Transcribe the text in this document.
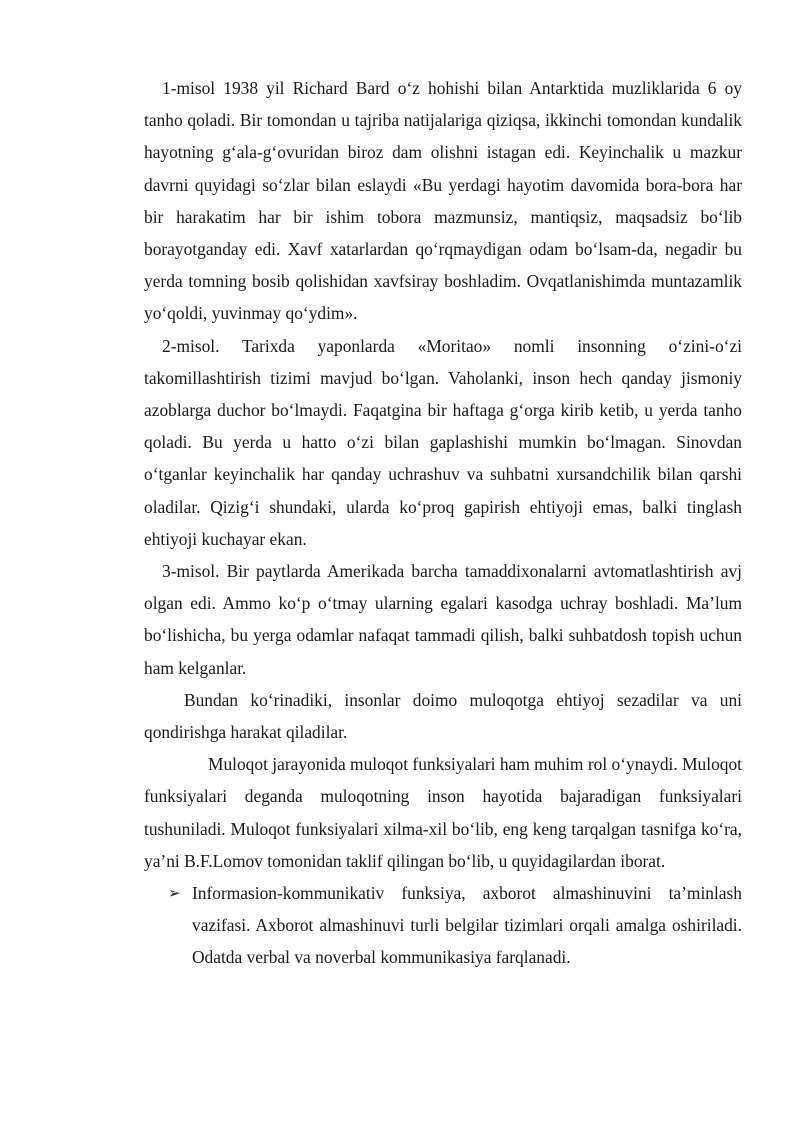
1-misol 1938 yil Richard Bard o‘z hohishi bilan Antarktida muzliklarida 6 oy tanho qoladi. Bir tomondan u tajriba natijalariga qiziqsa, ikkinchi tomondan kundalik hayotning g‘ala-g‘ovuridan biroz dam olishni istagan edi. Keyinchalik u mazkur davrni quyidagi so‘zlar bilan eslaydi «Bu yerdagi hayotim davomida bora-bora har bir harakatim har bir ishim tobora mazmunsiz, mantiqsiz, maqsadsiz bo‘lib borayotganday edi. Xavf xatarlardan qo‘rqmaydigan odam bo‘lsam-da, negadir bu yerda tomning bosib qolishidan xavfsiray boshladim. Ovqatlanishimda muntazamlik yo‘qoldi, yuvinmay qo‘ydim».

2-misol. Tarixda yaponlarda «Moritao» nomli insonning o‘zini-o‘zi takomillashtirish tizimi mavjud bo‘lgan. Vaholanki, inson hech qanday jismoniy azoblarga duchor bo‘lmaydi. Faqatgina bir haftaga g‘orga kirib ketib, u yerda tanho qoladi. Bu yerda u hatto o‘zi bilan gaplashishi mumkin bo‘lmagan. Sinovdan o‘tganlar keyinchalik har qanday uchrashuv va suhbatni xursandchilik bilan qarshi oladilar. Qizig‘i shundaki, ularda ko‘proq gapirish ehtiyoji emas, balki tinglash ehtiyoji kuchayar ekan.

3-misol. Bir paytlarda Amerikada barcha tamaddixonalarni avtomatlashtirish avj olgan edi. Ammo ko‘p o‘tmay ularning egalari kasodga uchray boshladi. Ma’lum bo‘lishicha, bu yerga odamlar nafaqat tammadi qilish, balki suhbatdosh topish uchun ham kelganlar.

Bundan ko‘rinadiki, insonlar doimo muloqotga ehtiyoj sezadilar va uni qondirishga harakat qiladilar.

Muloqot jarayonida muloqot funksiyalari ham muhim rol o‘ynaydi. Muloqot funksiyalari deganda muloqotning inson hayotida bajaradigan funksiyalari tushuniladi. Muloqot funksiyalari xilma-xil bo‘lib, eng keng tarqalgan tasnifga ko‘ra, ya’ni B.F.Lomov tomonidan taklif qilingan bo‘lib, u quyidagilardan iborat.

➢ Informasion-kommunikativ funksiya, axborot almashinuvini ta’minlash vazifasi. Axborot almashinuvi turli belgilar tizimlari orqali amalga oshiriladi. Odatda verbal va noverbal kommunikasiya farqlanadi.
